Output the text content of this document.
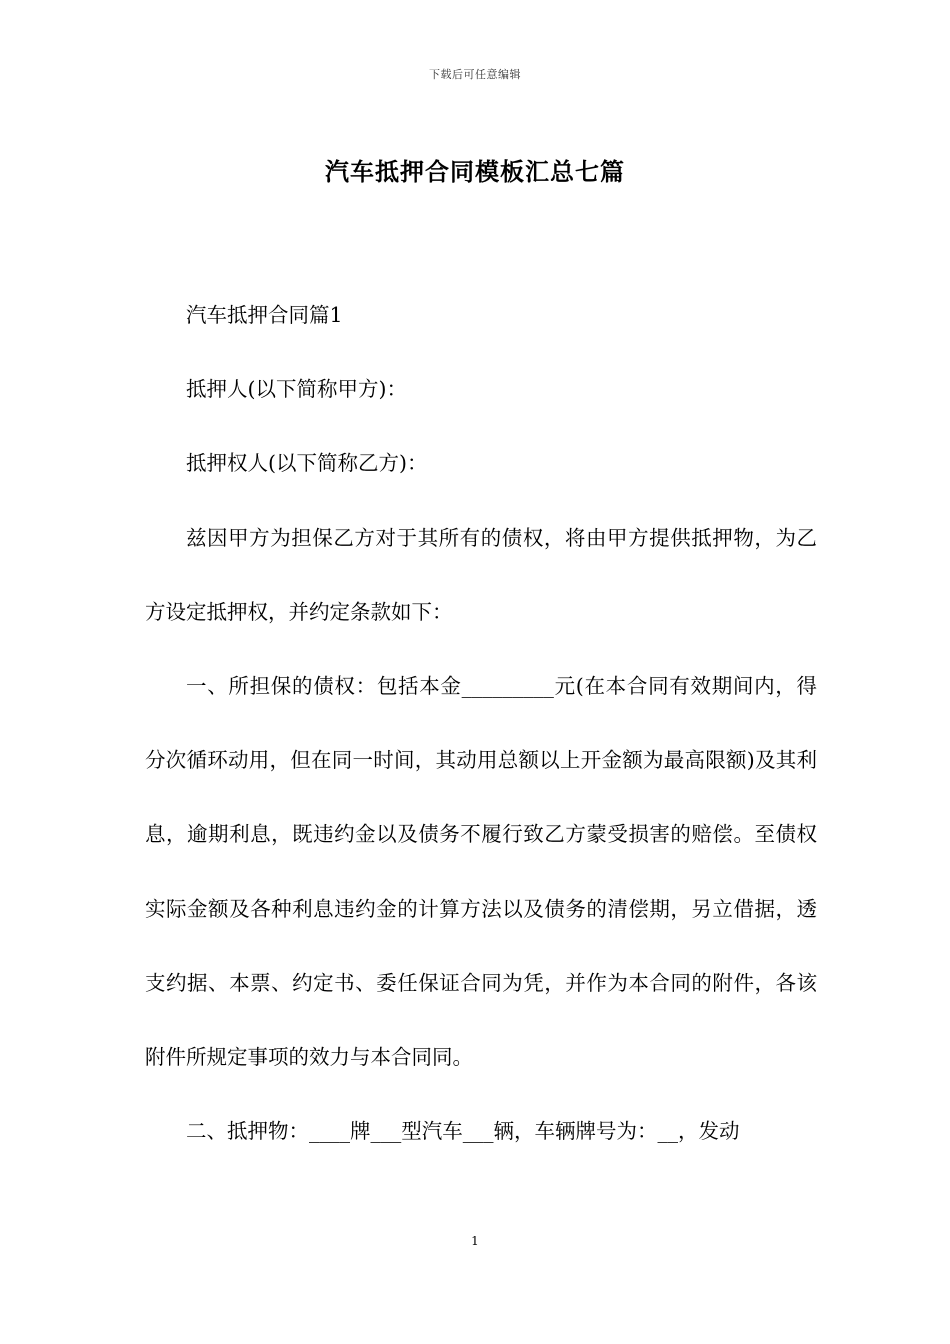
下载后可任意编辑
汽车抵押合同模板汇总七篇

汽车抵押合同篇1

抵押人(以下简称甲方)：

抵押权人(以下简称乙方)：

兹因甲方为担保乙方对于其所有的债权，将由甲方提供抵押物，为乙方设定抵押权，并约定条款如下：

一、所担保的债权：包括本金_________元(在本合同有效期间内，得分次循环动用，但在同一时间，其动用总额以上开金额为最高限额)及其利息，逾期利息，既违约金以及债务不履行致乙方蒙受损害的赔偿。至债权实际金额及各种利息违约金的计算方法以及债务的清偿期，另立借据，透支约据、本票、约定书、委任保证合同为凭，并作为本合同的附件，各该附件所规定事项的效力与本合同同。

二、抵押物：____牌___型汽车___辆，车辆牌号为：__，发动

1
